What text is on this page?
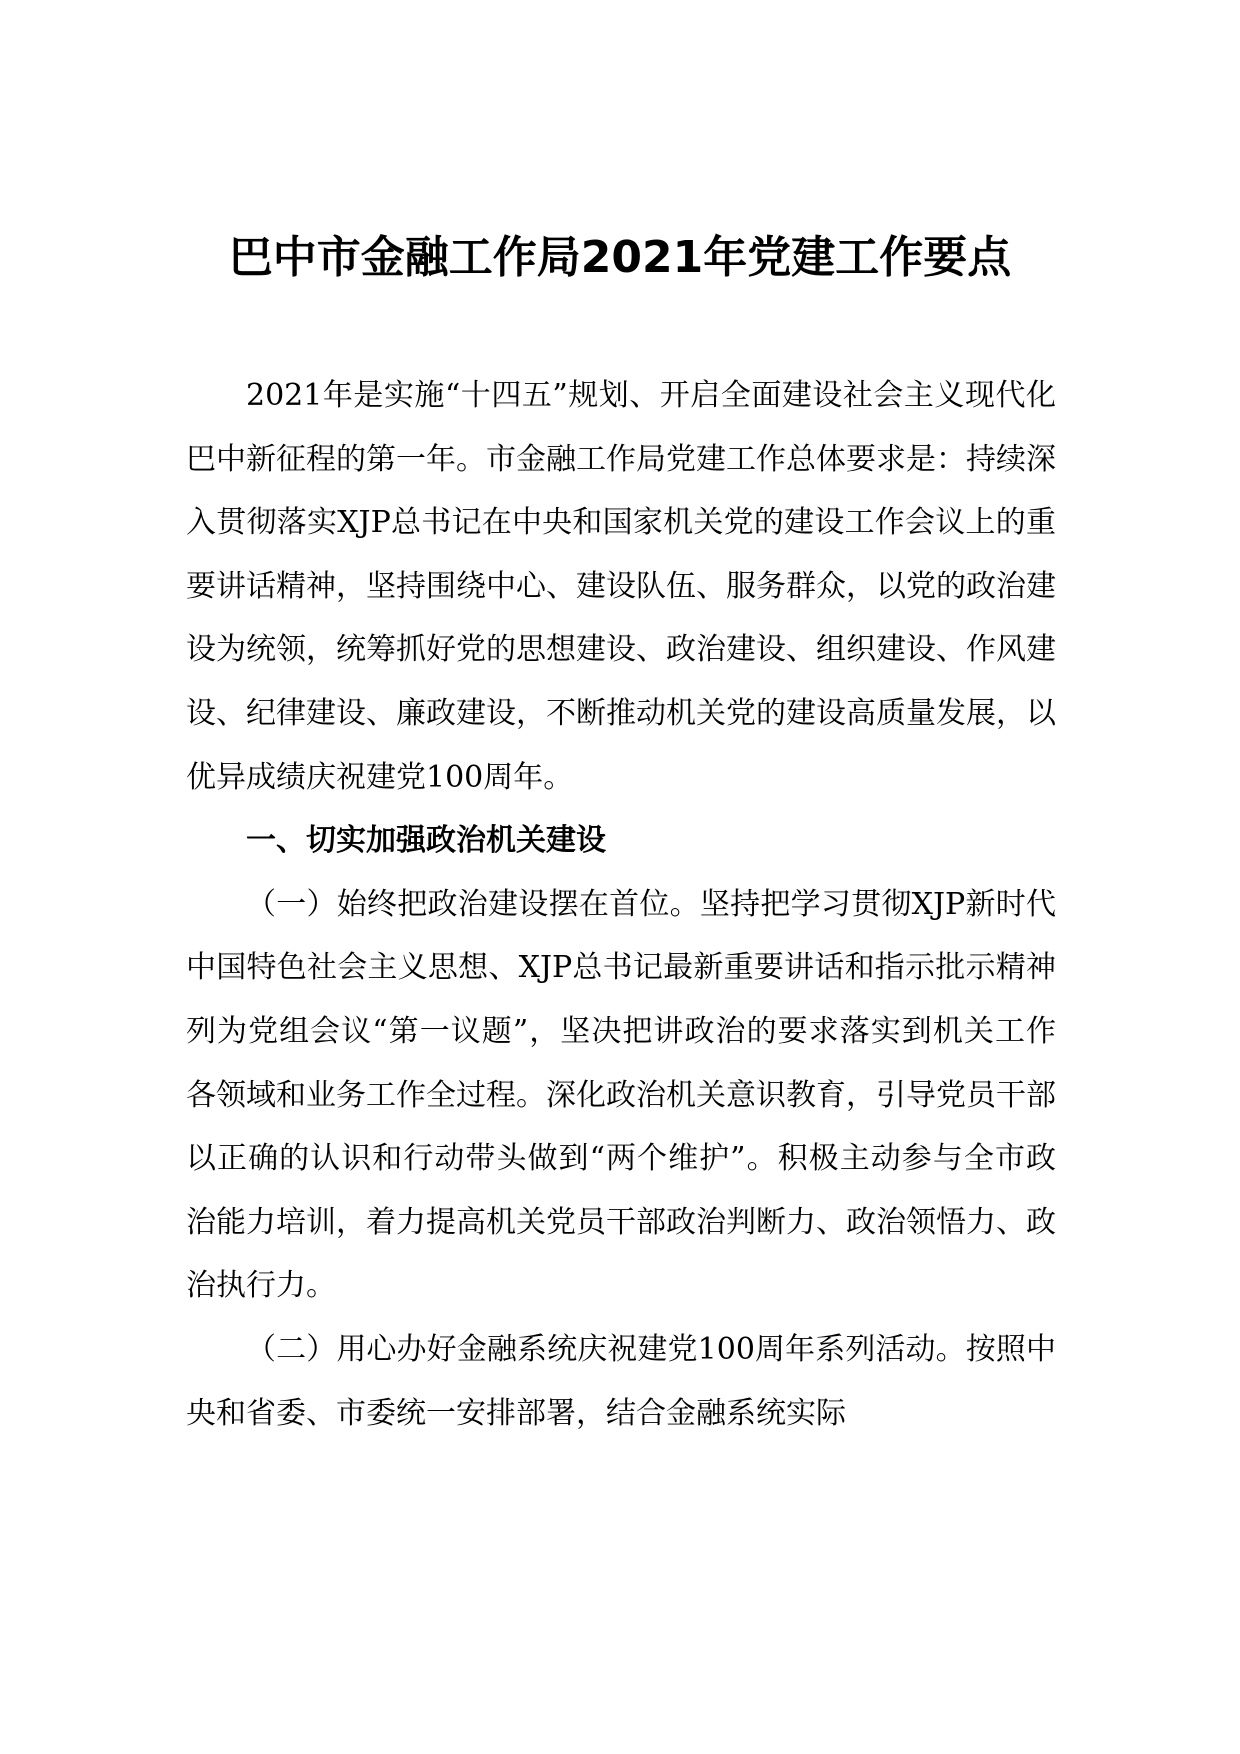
巴中市金融工作局2021年党建工作要点

2021年是实施“十四五”规划、开启全面建设社会主义现代化巴中新征程的第一年。市金融工作局党建工作总体要求是：持续深入贯彻落实XJP总书记在中央和国家机关党的建设工作会议上的重要讲话精神，坚持围绕中心、建设队伍、服务群众，以党的政治建设为统领，统筹抓好党的思想建设、政治建设、组织建设、作风建设、纪律建设、廉政建设，不断推动机关党的建设高质量发展，以优异成绩庆祝建党100周年。

一、切实加强政治机关建设

（一）始终把政治建设摆在首位。坚持把学习贯彻XJP新时代中国特色社会主义思想、XJP总书记最新重要讲话和指示批示精神列为党组会议“第一议题”，坚决把讲政治的要求落实到机关工作各领域和业务工作全过程。深化政治机关意识教育，引导党员干部以正确的认识和行动带头做到“两个维护”。积极主动参与全市政治能力培训，着力提高机关党员干部政治判断力、政治领悟力、政治执行力。

（二）用心办好金融系统庆祝建党100周年系列活动。按照中央和省委、市委统一安排部署，结合金融系统实际
